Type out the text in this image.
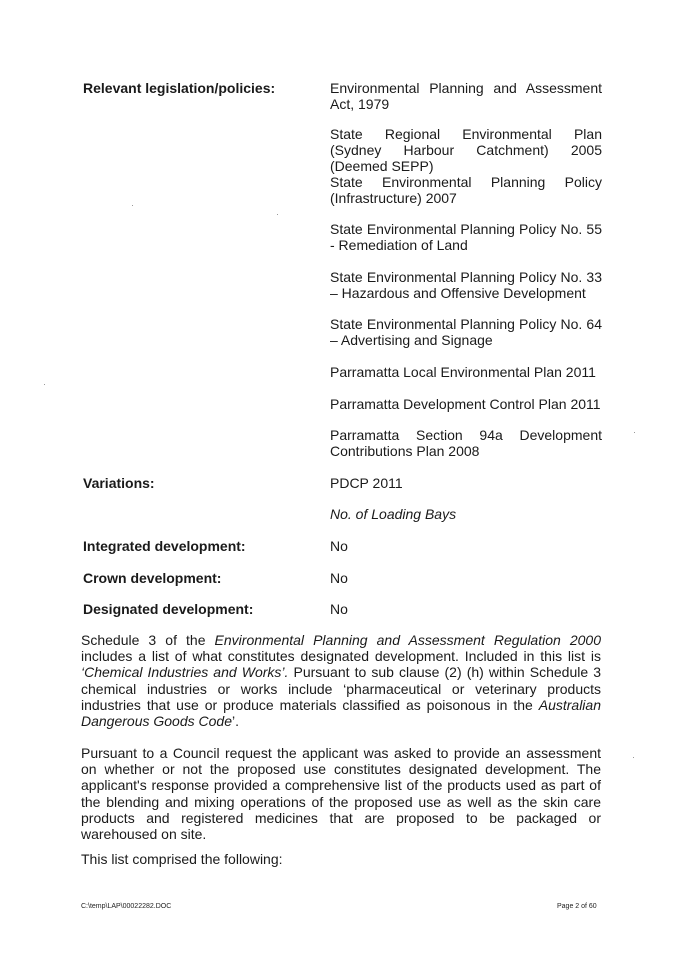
Relevant legislation/policies:	Environmental Planning and Assessment Act, 1979
State Regional Environmental Plan (Sydney Harbour Catchment) 2005 (Deemed SEPP)
State Environmental Planning Policy (Infrastructure) 2007
State Environmental Planning Policy No. 55 - Remediation of Land
State Environmental Planning Policy No. 33 – Hazardous and Offensive Development
State Environmental Planning Policy No. 64 – Advertising and Signage
Parramatta Local Environmental Plan 2011
Parramatta Development Control Plan 2011
Parramatta Section 94a Development Contributions Plan 2008
Variations:	PDCP 2011
No. of Loading Bays
Integrated development:	No
Crown development:	No
Designated development:	No

Schedule 3 of the Environmental Planning and Assessment Regulation 2000 includes a list of what constitutes designated development. Included in this list is ‘Chemical Industries and Works’. Pursuant to sub clause (2) (h) within Schedule 3 chemical industries or works include ‘pharmaceutical or veterinary products industries that use or produce materials classified as poisonous in the Australian Dangerous Goods Code’.

Pursuant to a Council request the applicant was asked to provide an assessment on whether or not the proposed use constitutes designated development. The applicant's response provided a comprehensive list of the products used as part of the blending and mixing operations of the proposed use as well as the skin care products and registered medicines that are proposed to be packaged or warehoused on site.

This list comprised the following:

C:\temp\LAP\00022282.DOC	Page 2 of 60
